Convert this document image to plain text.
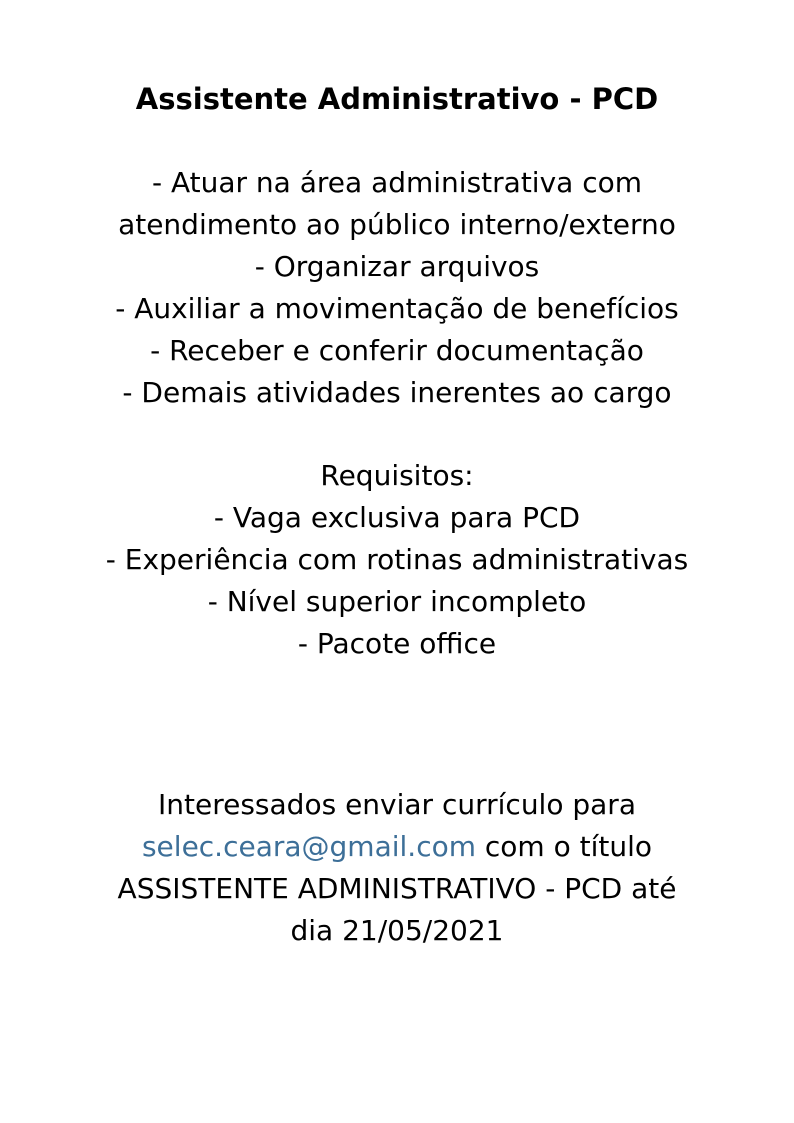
Assistente Administrativo - PCD
- Atuar na área administrativa com
atendimento ao público interno/externo
- Organizar arquivos
- Auxiliar a movimentação de benefícios
- Receber e conferir documentação
- Demais atividades inerentes ao cargo
Requisitos:
- Vaga exclusiva para PCD
- Experiência com rotinas administrativas
- Nível superior incompleto
- Pacote office
Interessados enviar currículo para
selec.ceara@gmail.com com o título
ASSISTENTE ADMINISTRATIVO - PCD até
dia 21/05/2021
